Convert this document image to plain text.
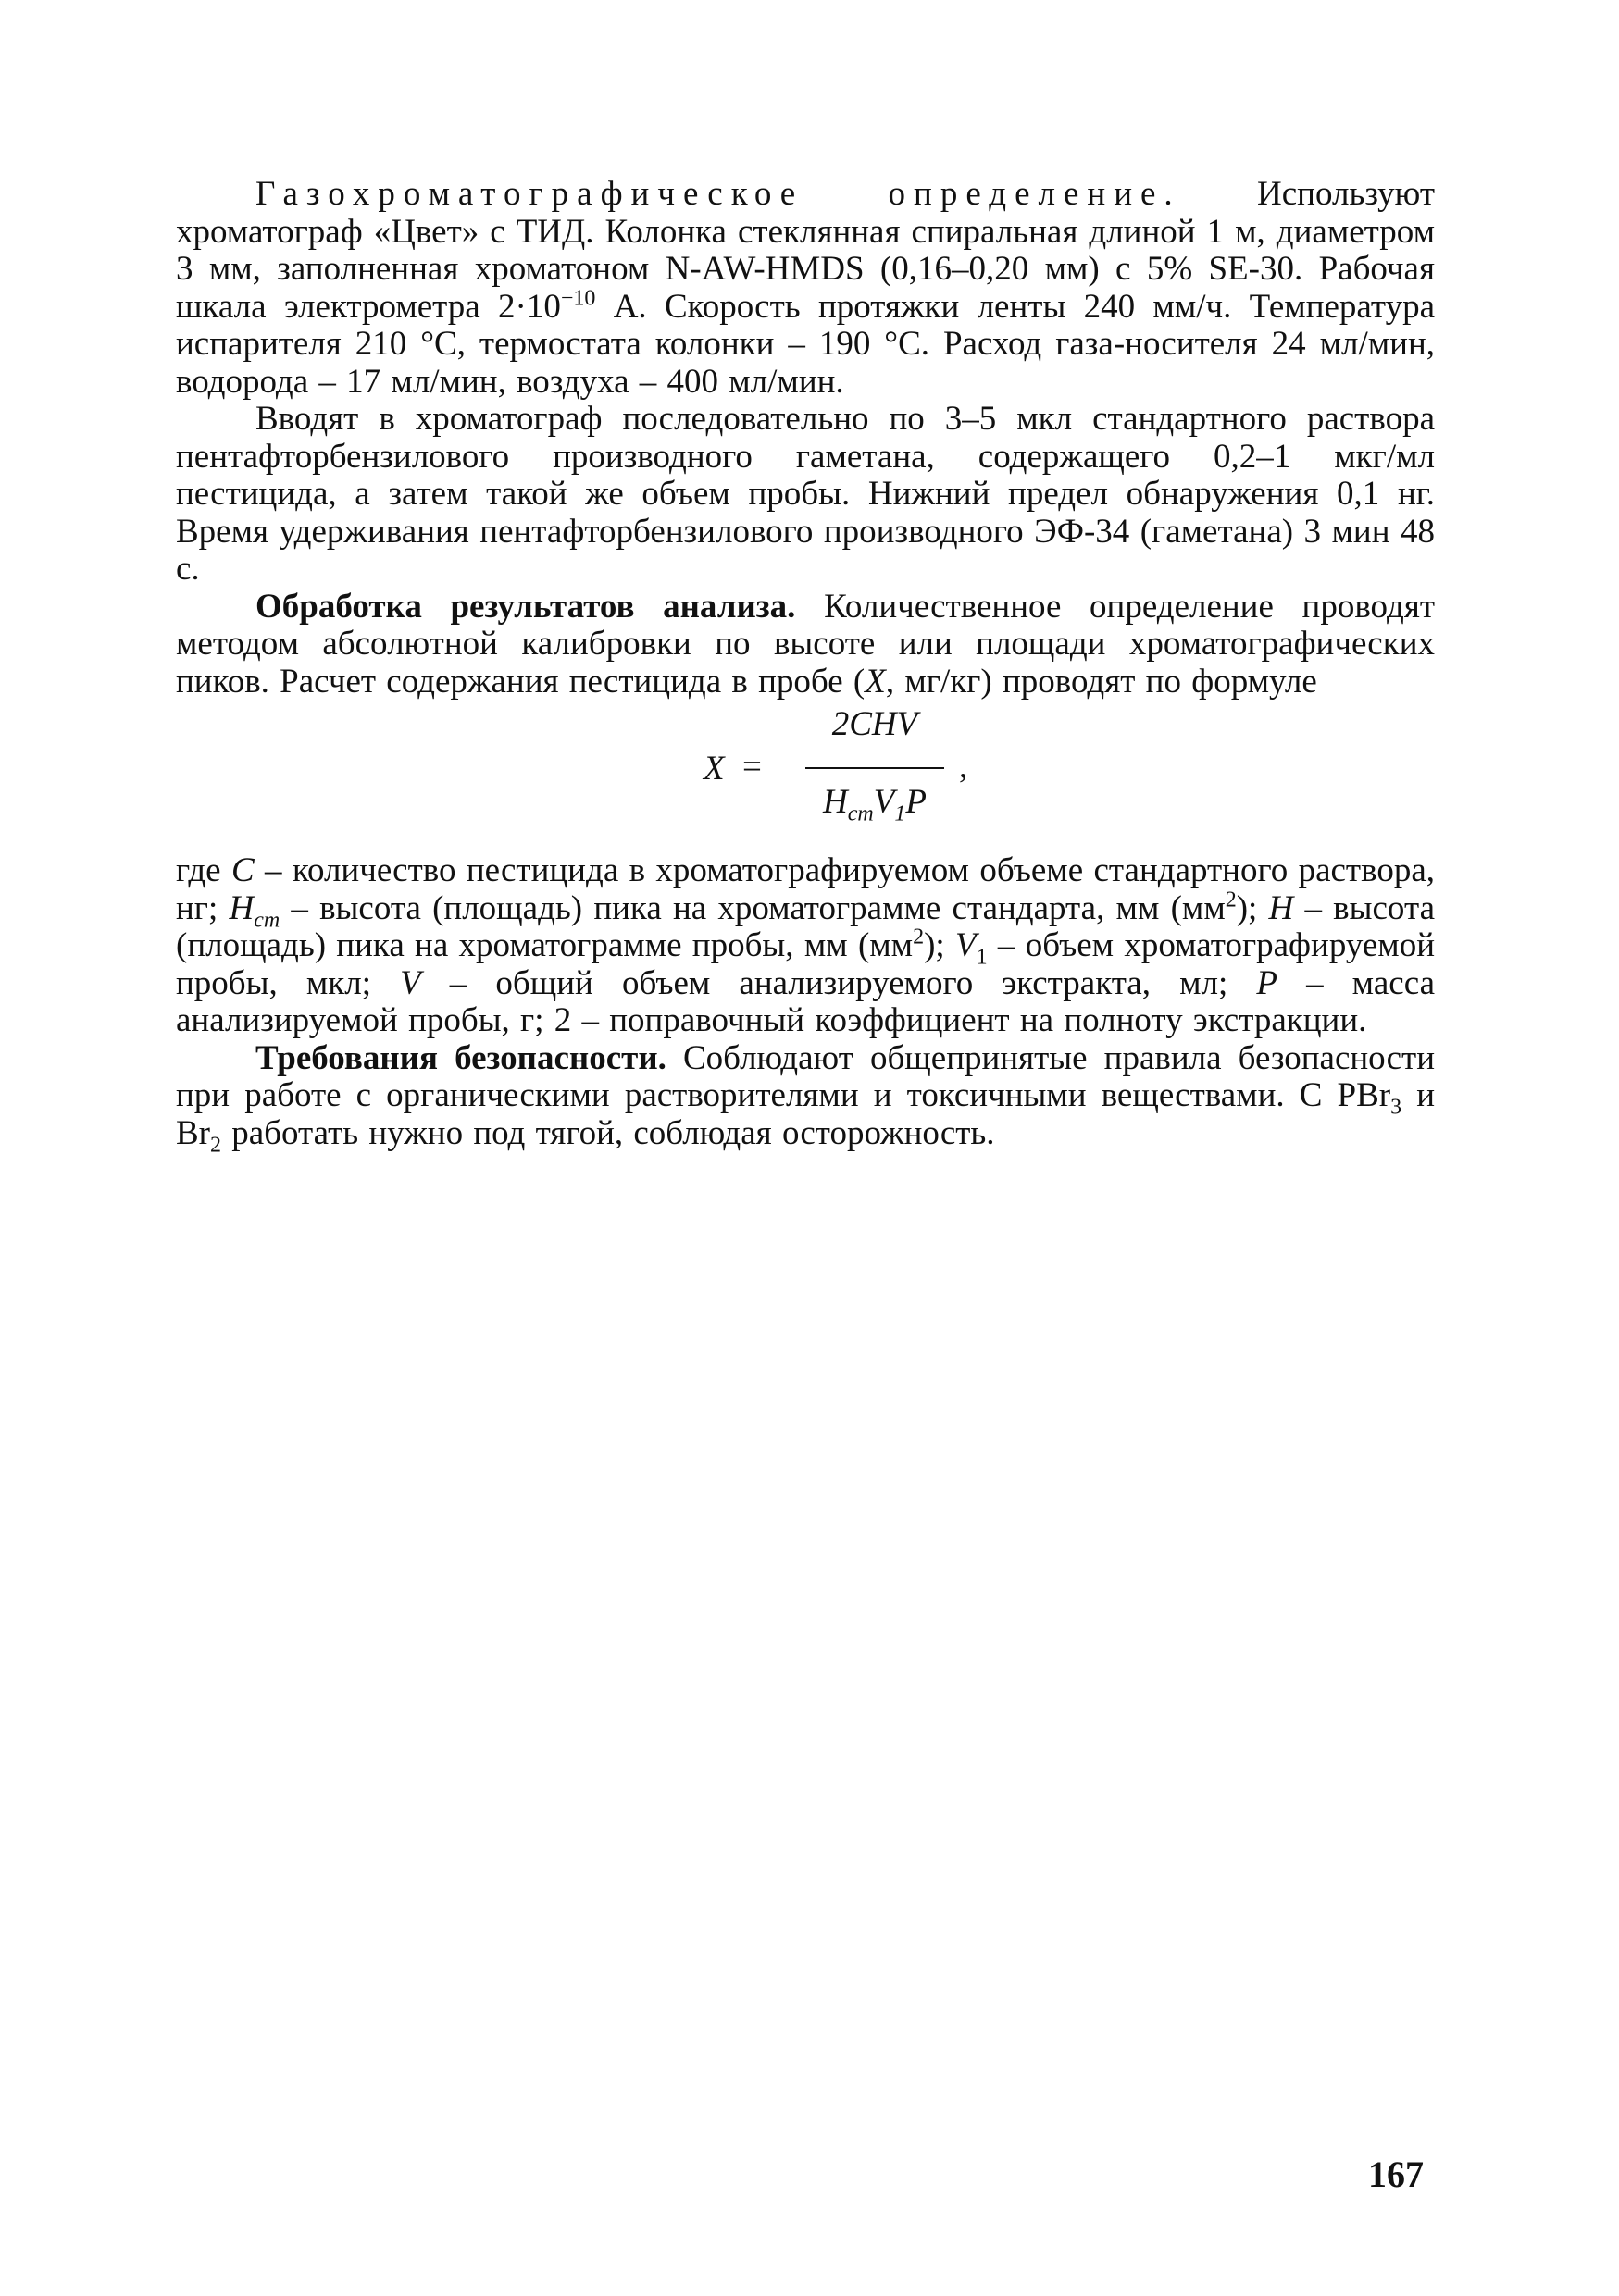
Газохроматографическое определение. Используют хроматограф «Цвет» с ТИД. Колонка стеклянная спиральная длиной 1 м, диаметром 3 мм, заполненная хроматоном N-AW-HMDS (0,16–0,20 мм) с 5% SE-30. Рабочая шкала электрометра $2\cdot 10^{-10}$ А. Скорость протяжки ленты 240 мм/ч. Температура испарителя 210 °С, термостата колонки – 190 °С. Расход газа-носителя 24 мл/мин, водорода – 17 мл/мин, воздуха – 400 мл/мин.

Вводят в хроматограф последовательно по 3–5 мкл стандартного раствора пентафторбензилового производного гаметана, содержащего 0,2–1 мкг/мл пестицида, а затем такой же объем пробы. Нижний предел обнаружения 0,1 нг. Время удерживания пентафторбензилового производного ЭФ-34 (гаметана) 3 мин 48 с.

Обработка результатов анализа. Количественное определение проводят методом абсолютной калибровки по высоте или площади хроматографических пиков. Расчет содержания пестицида в пробе (X, мг/кг) проводят по формуле

X =
2CHV
$H_{ст}V_1P$
,

где C – количество пестицида в хроматографируемом объеме стандартного раствора, нг; $H_{ст}$ – высота (площадь) пика на хроматограмме стандарта, мм $(мм^2)$; H – высота (площадь) пика на хроматограмме пробы, мм $(мм^2)$; $V_1$ – объем хроматографируемой пробы, мкл; V – общий объем анализируемого экстракта, мл; P – масса анализируемой пробы, г; 2 – поправочный коэффициент на полноту экстракции.

Требования безопасности. Соблюдают общепринятые правила безопасности при работе с органическими растворителями и токсичными веществами. С PBr$_3$ и $Br_2$ работать нужно под тягой, соблюдая осторожность.

167
